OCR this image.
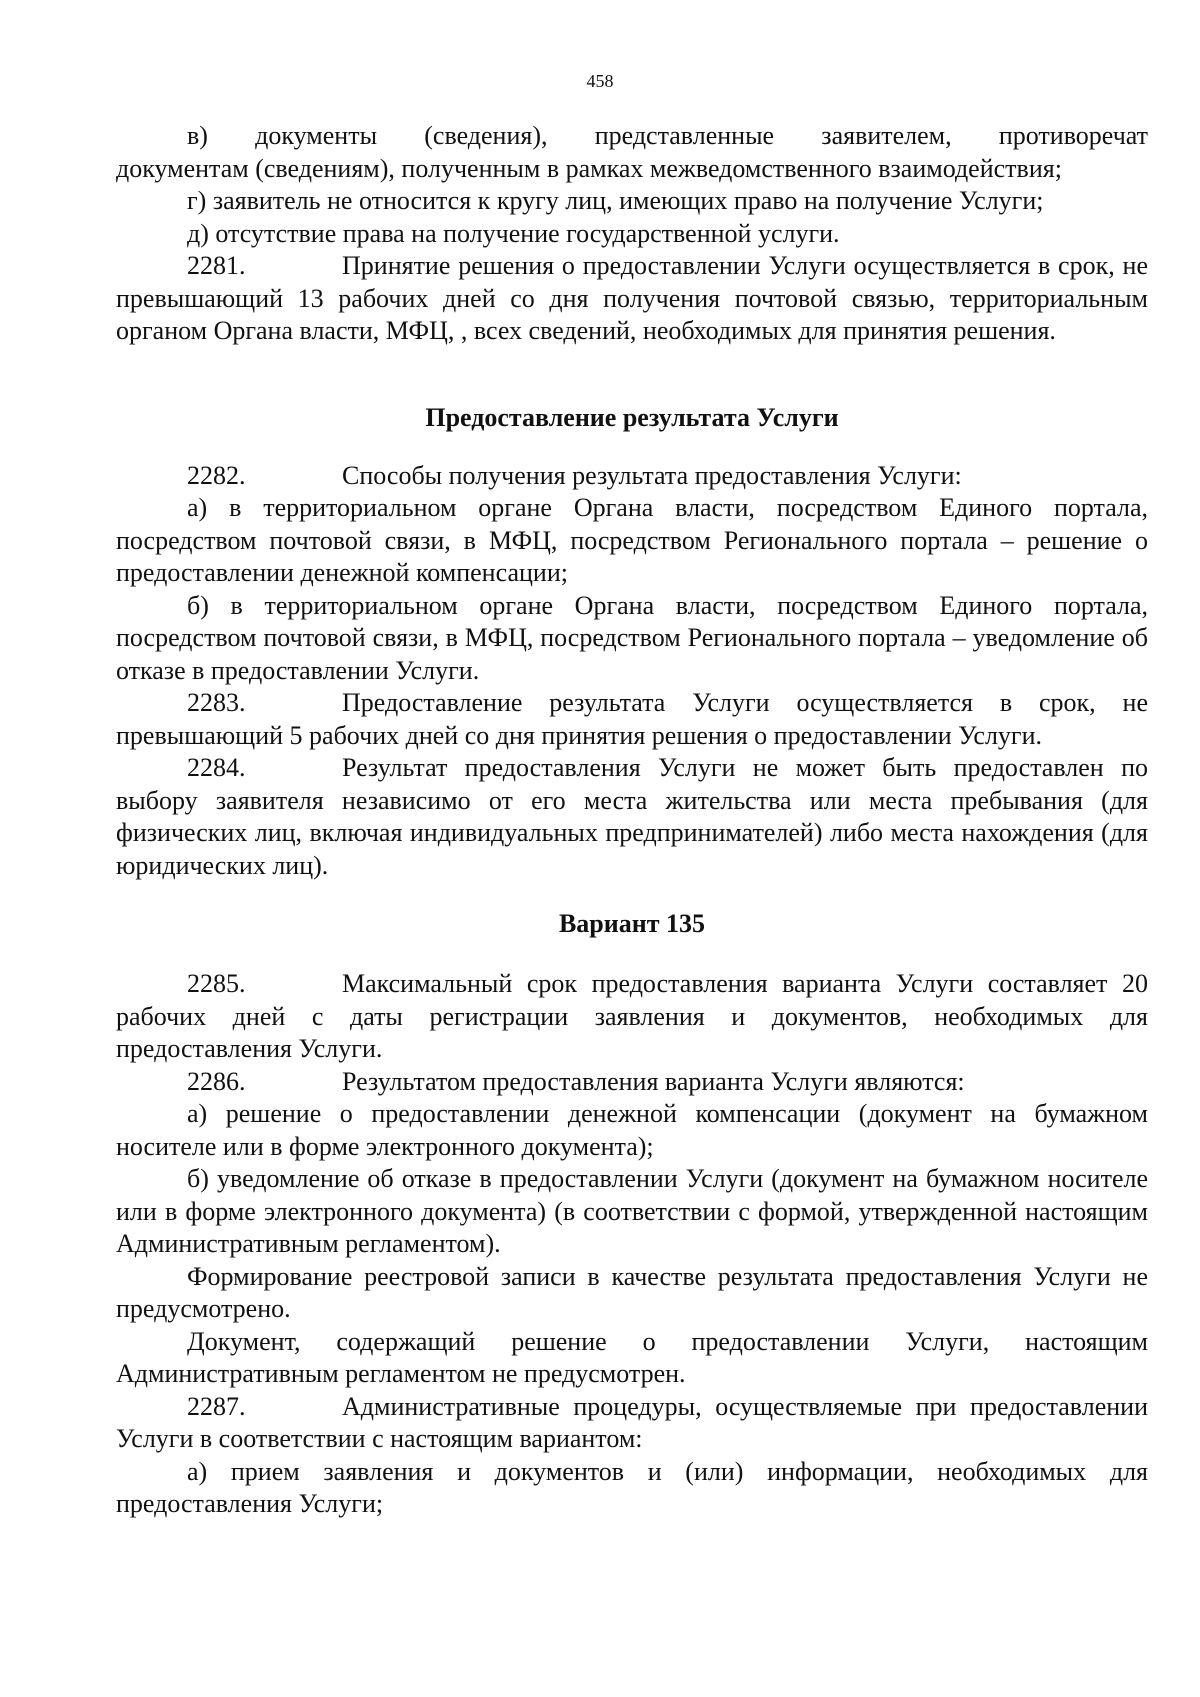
458

в) документы (сведения), представленные заявителем, противоречат

документам (сведениям), полученным в рамках межведомственного взаимодействия;

г) заявитель не относится к кругу лиц, имеющих право на получение Услуги;

д) отсутствие права на получение государственной услуги.

2281.	Принятие решения о предоставлении Услуги осуществляется в срок, не превышающий 13 рабочих дней со дня получения почтовой связью, территориальным органом Органа власти, МФЦ, , всех сведений, необходимых для принятия решения.

Предоставление результата Услуги

2282.	Способы получения результата предоставления Услуги:

а) в территориальном органе Органа власти, посредством Единого портала, посредством почтовой связи, в МФЦ, посредством Регионального портала – решение о предоставлении денежной компенсации;

б) в территориальном органе Органа власти, посредством Единого портала, посредством почтовой связи, в МФЦ, посредством Регионального портала – уведомление об отказе в предоставлении Услуги.

2283.	Предоставление результата Услуги осуществляется в срок, не превышающий 5 рабочих дней со дня принятия решения о предоставлении Услуги.

2284.	Результат предоставления Услуги не может быть предоставлен по выбору заявителя независимо от его места жительства или места пребывания (для физических лиц, включая индивидуальных предпринимателей) либо места нахождения (для юридических лиц).

Вариант 135

2285.	Максимальный срок предоставления варианта Услуги составляет 20 рабочих дней с даты регистрации заявления и документов, необходимых для предоставления Услуги.

2286.	Результатом предоставления варианта Услуги являются:

а) решение о предоставлении денежной компенсации (документ на бумажном носителе или в форме электронного документа);

б) уведомление об отказе в предоставлении Услуги (документ на бумажном носителе или в форме электронного документа) (в соответствии с формой, утвержденной настоящим Административным регламентом).

Формирование реестровой записи в качестве результата предоставления Услуги не предусмотрено.

Документ, содержащий решение о предоставлении Услуги, настоящим Административным регламентом не предусмотрен.

2287.	Административные процедуры, осуществляемые при предоставлении Услуги в соответствии с настоящим вариантом:

а) прием заявления и документов и (или) информации, необходимых для предоставления Услуги;
